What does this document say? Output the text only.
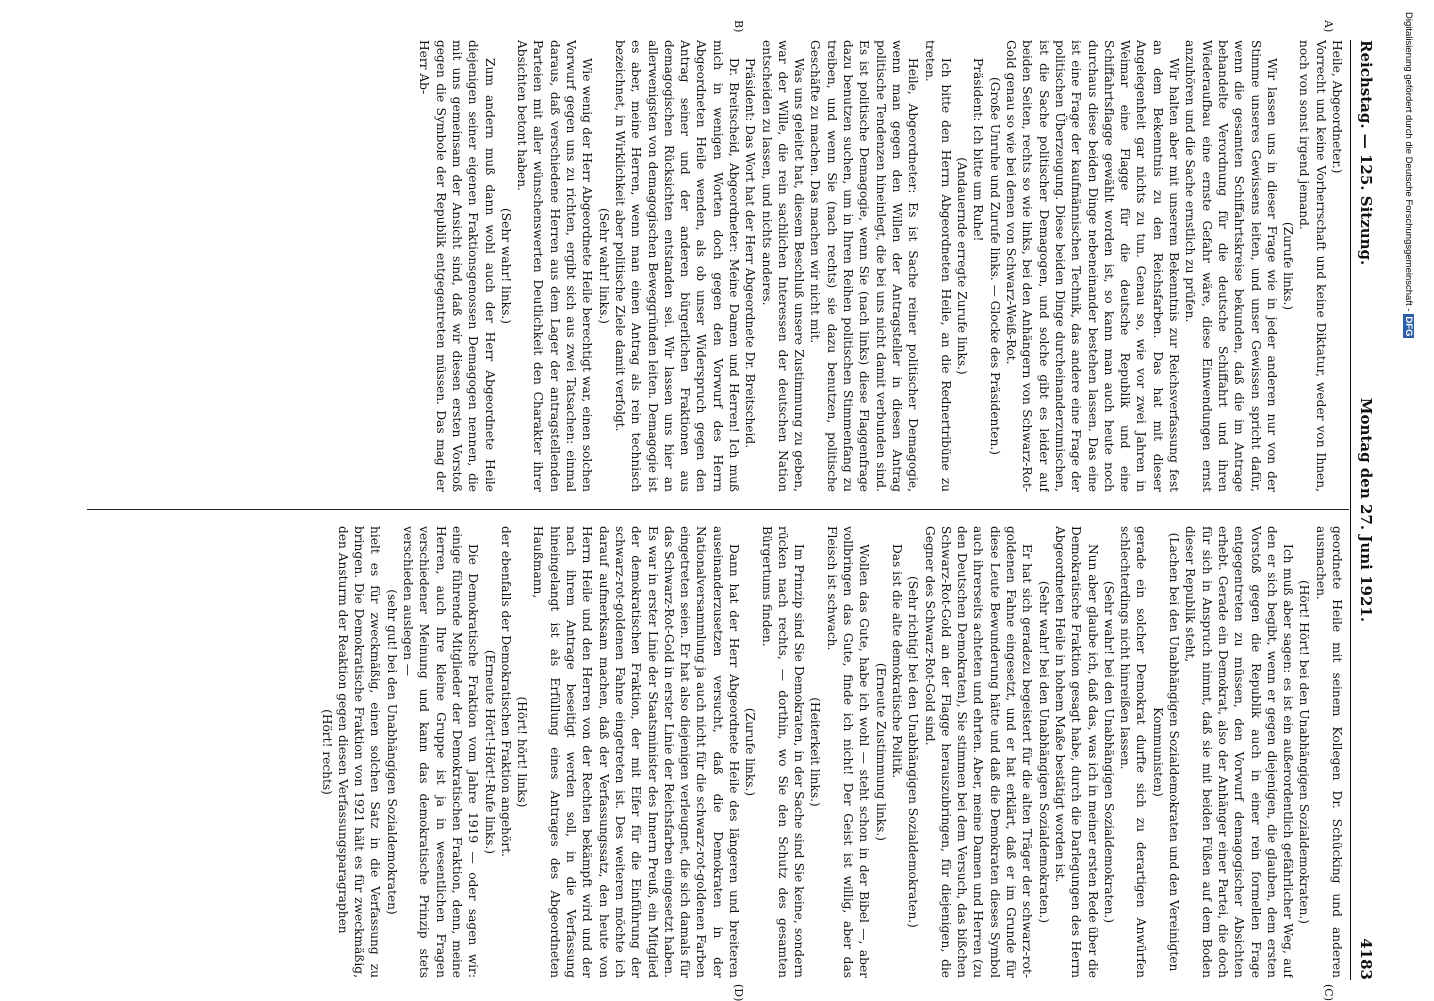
Reichstag. — 125. Sitzung.
Montag den 27. Juni 1921.
4183
A)
B)
(C)
(D)

Heile, Abgeordneter.)

Vorrecht und keine Vorherrschaft und keine Diktatur, weder von Ihnen, noch von sonst irgend jemand.

(Zurufe links.)

Wir lassen uns in dieser Frage wie in jeder anderen nur von der Stimme unseres Gewissens leiten, und unser Gewissen spricht dafür, wenn die gesamten Schiffahrtskreise bekunden, daß die im Antrage behandelte Verordnung für die deutsche Schiffahrt und ihren Wiederaufbau eine ernste Gefahr wäre, diese Einwendungen ernst anzuhören und die Sache ernstlich zu prüfen.

Wir halten aber mit unserem Bekenntnis zur Reichsverfassung fest an dem Bekenntnis zu den Reichsfarben. Das hat mit dieser Angelegenheit gar nichts zu tun. Genau so, wie vor zwei Jahren in Weimar eine Flagge für die deutsche Republik und eine Schiffahrtsflagge gewählt worden ist, so kann man auch heute noch durchaus diese beiden Dinge nebeneinander bestehen lassen. Das eine ist eine Frage der kaufmännischen Technik, das andere eine Frage der politischen Überzeugung. Diese beiden Dinge durcheinanderzumischen, ist die Sache politischer Demagogen, und solche gibt es leider auf beiden Seiten, rechts so wie links, bei den Anhängern von Schwarz-Rot-Gold genau so wie bei denen von Schwarz-Weiß-Rot.

(Große Unruhe und Zurufe links. — Glocke des Präsidenten.)

Präsident: Ich bitte um Ruhe!

(Andauernde erregte Zurufe links.)

Ich bitte den Herrn Abgeordneten Heile, an die Rednertribüne zu treten.

Heile, Abgeordneter: Es ist Sache reiner politischer Demagogie, wenn man gegen den Willen der Antragsteller in diesen Antrag politische Tendenzen hineinlegt, die bei uns nicht damit verbunden sind. Es ist politische Demagogie, wenn Sie (nach links) diese Flaggenfrage dazu benutzen suchen, um in Ihren Reihen politischen Stimmenfang zu treiben, und wenn Sie (nach rechts) sie dazu benutzen, politische Geschäfte zu machen. Das machen wir nicht mit.

Was uns geleitet hat, diesem Beschluß unsere Zustimmung zu geben, war der Wille, die rein sachlichen Interessen der deutschen Nation entscheiden zu lassen, und nichts anderes.

Präsident: Das Wort hat der Herr Abgeordnete Dr. Breitscheid.

Dr. Breitscheid, Abgeordneter: Meine Damen und Herren! Ich muß mich in wenigen Worten doch gegen den Vorwurf des Herrn Abgeordneten Heile wenden, als ob unser Widerspruch gegen den Antrag seiner und der anderen bürgerlichen Fraktionen aus demagogischen Rücksichten entstanden sei. Wir lassen uns hier an allerwenigsten von demagogischen Beweggründen leiten. Demagogie ist es aber, meine Herren, wenn man einen Antrag als rein technisch bezeichnet, in Wirklichkeit aber politische Ziele damit verfolgt.

(Sehr wahr! links.)

Wie wenig der Herr Abgeordnete Heile berechtigt war, einen solchen Vorwurf gegen uns zu richten, ergibt sich aus zwei Tatsachen: einmal daraus, daß verschiedene Herren aus dem Lager der antragstellenden Parteien mit aller wünschenswerten Deutlichkeit den Charakter ihrer Absichten betont haben.

(Sehr wahr! links.)

Zum andern muß dann wohl auch der Herr Abgeordnete Heile diejenigen seiner eigenen Fraktionsgenossen Demagogen nennen, die mit uns gemeinsam der Ansicht sind, daß wir diesen ersten Vorstoß gegen die Symbole der Republik entgegentreten müssen. Das mag der Herr Ab-

geordnete Heile mit seinem Kollegen Dr. Schücking und anderen ausmachen.

(Hört! Hört! bei den Unabhängigen Sozialdemokraten.)

Ich muß aber sagen: es ist ein außerordentlich gefährlicher Weg, auf den er sich begibt, wenn er gegen diejenigen, die glauben, dem ersten Vorstoß gegen die Republik auch in einer rein formellen Frage entgegentreten zu müssen, den Vorwurf demagogischer Absichten erhebt. Gerade ein Demokrat, also der Anhänger einer Partei, die doch für sich in Anspruch nimmt, daß sie mit beiden Füßen auf dem Boden dieser Republik steht,

(Lachen bei den Unabhängigen Sozialdemokraten und den Vereinigten Kommunisten)

gerade ein solcher Demokrat durfte sich zu derartigen Anwürfen schlechterdings nicht hinreißen lassen.

(Sehr wahr! bei den Unabhängigen Sozialdemokraten.)

Nun aber glaube ich, daß das, was ich in meiner ersten Rede über die Demokratische Fraktion gesagt habe, durch die Darlegungen des Herrn Abgeordneten Heile in hohem Maße bestätigt worden ist.

(Sehr wahr! bei den Unabhängigen Sozialdemokraten.)

Er hat sich geradezu begeistert für die alten Träger der schwarz-rot-goldenen Fahne eingesetzt, und er hat erklärt, daß er im Grunde für diese Leute Bewunderung hätte und daß die Demokraten dieses Symbol auch ihrerseits achteten und ehrten. Aber, meine Damen und Herren (zu den Deutschen Demokraten), Sie stimmen bei dem Versuch, das bißchen Schwarz-Rot-Gold an der Flagge herauszubringen, für diejenigen, die Gegner des Schwarz-Rot-Gold sind.

(Sehr richtig! bei den Unabhängigen Sozialdemokraten.)

Das ist die alte demokratische Politik.

(Erneute Zustimmung links.)

Wollen das Gute, habe ich wohl — steht schon in der Bibel —, aber vollbringen das Gute, finde ich nicht! Der Geist ist willig, aber das Fleisch ist schwach.

(Heiterkeit links.)

Im Prinzip sind Sie Demokraten, in der Sache sind Sie keine, sondern rücken nach rechts, — dorthin, wo Sie den Schutz des gesamten Bürgertums finden.

(Zurufe links.)

Dann hat der Herr Abgeordnete Heile des längeren und breiteren auseinanderzusetzen versucht, daß die Demokraten in der Nationalversammlung ja auch nicht für die schwarz-rot-goldenen Farben eingetreten seien. Er hat also diejenigen verleugnet, die sich damals für das Schwarz-Rot-Gold in erster Linie der Reichsfarben eingesetzt haben. Es war in erster Linie der Staatsminister des Innern Preuß, ein Mitglied der demokratischen Fraktion, der mit Eifer für die Einführung der schwarz-rot-goldenen Fahne eingetreten ist. Des weiteren möchte ich darauf aufmerksam machen, daß der Verfassungssatz, den heute von Herrn Heile und den Herren von der Rechten bekämpft wird und der nach ihrem Antrage beseitigt werden soll, in die Verfassung hineingelangt ist als Erfüllung eines Antrages des Abgeordneten Haußmann,

(Hört! hört! links)

der ebenfalls der Demokratischen Fraktion angehört.

(Erneute Hört!-Hört!-Rufe links.)

Die Demokratische Fraktion vom Jahre 1919 — oder sagen wir: einige führende Mitglieder der Demokratischen Fraktion, denn, meine Herren, auch Ihre kleine Gruppe ist ja in wesentlichen Fragen verschiedener Meinung und kann das demokratische Prinzip stets verschieden auslegen —

(sehr gut! bei den Unabhängigen Sozialdemokraten)

hielt es für zweckmäßig, einen solchen Satz in die Verfassung zu bringen. Die Demokratische Fraktion von 1921 hält es für zweckmäßig, den Ansturm der Reaktion gegen diesen Verfassungsparagraphen

(Hört! rechts)

Digitalisierung gefördert durch die Deutsche Forschungsgemeinschaft -DFG
